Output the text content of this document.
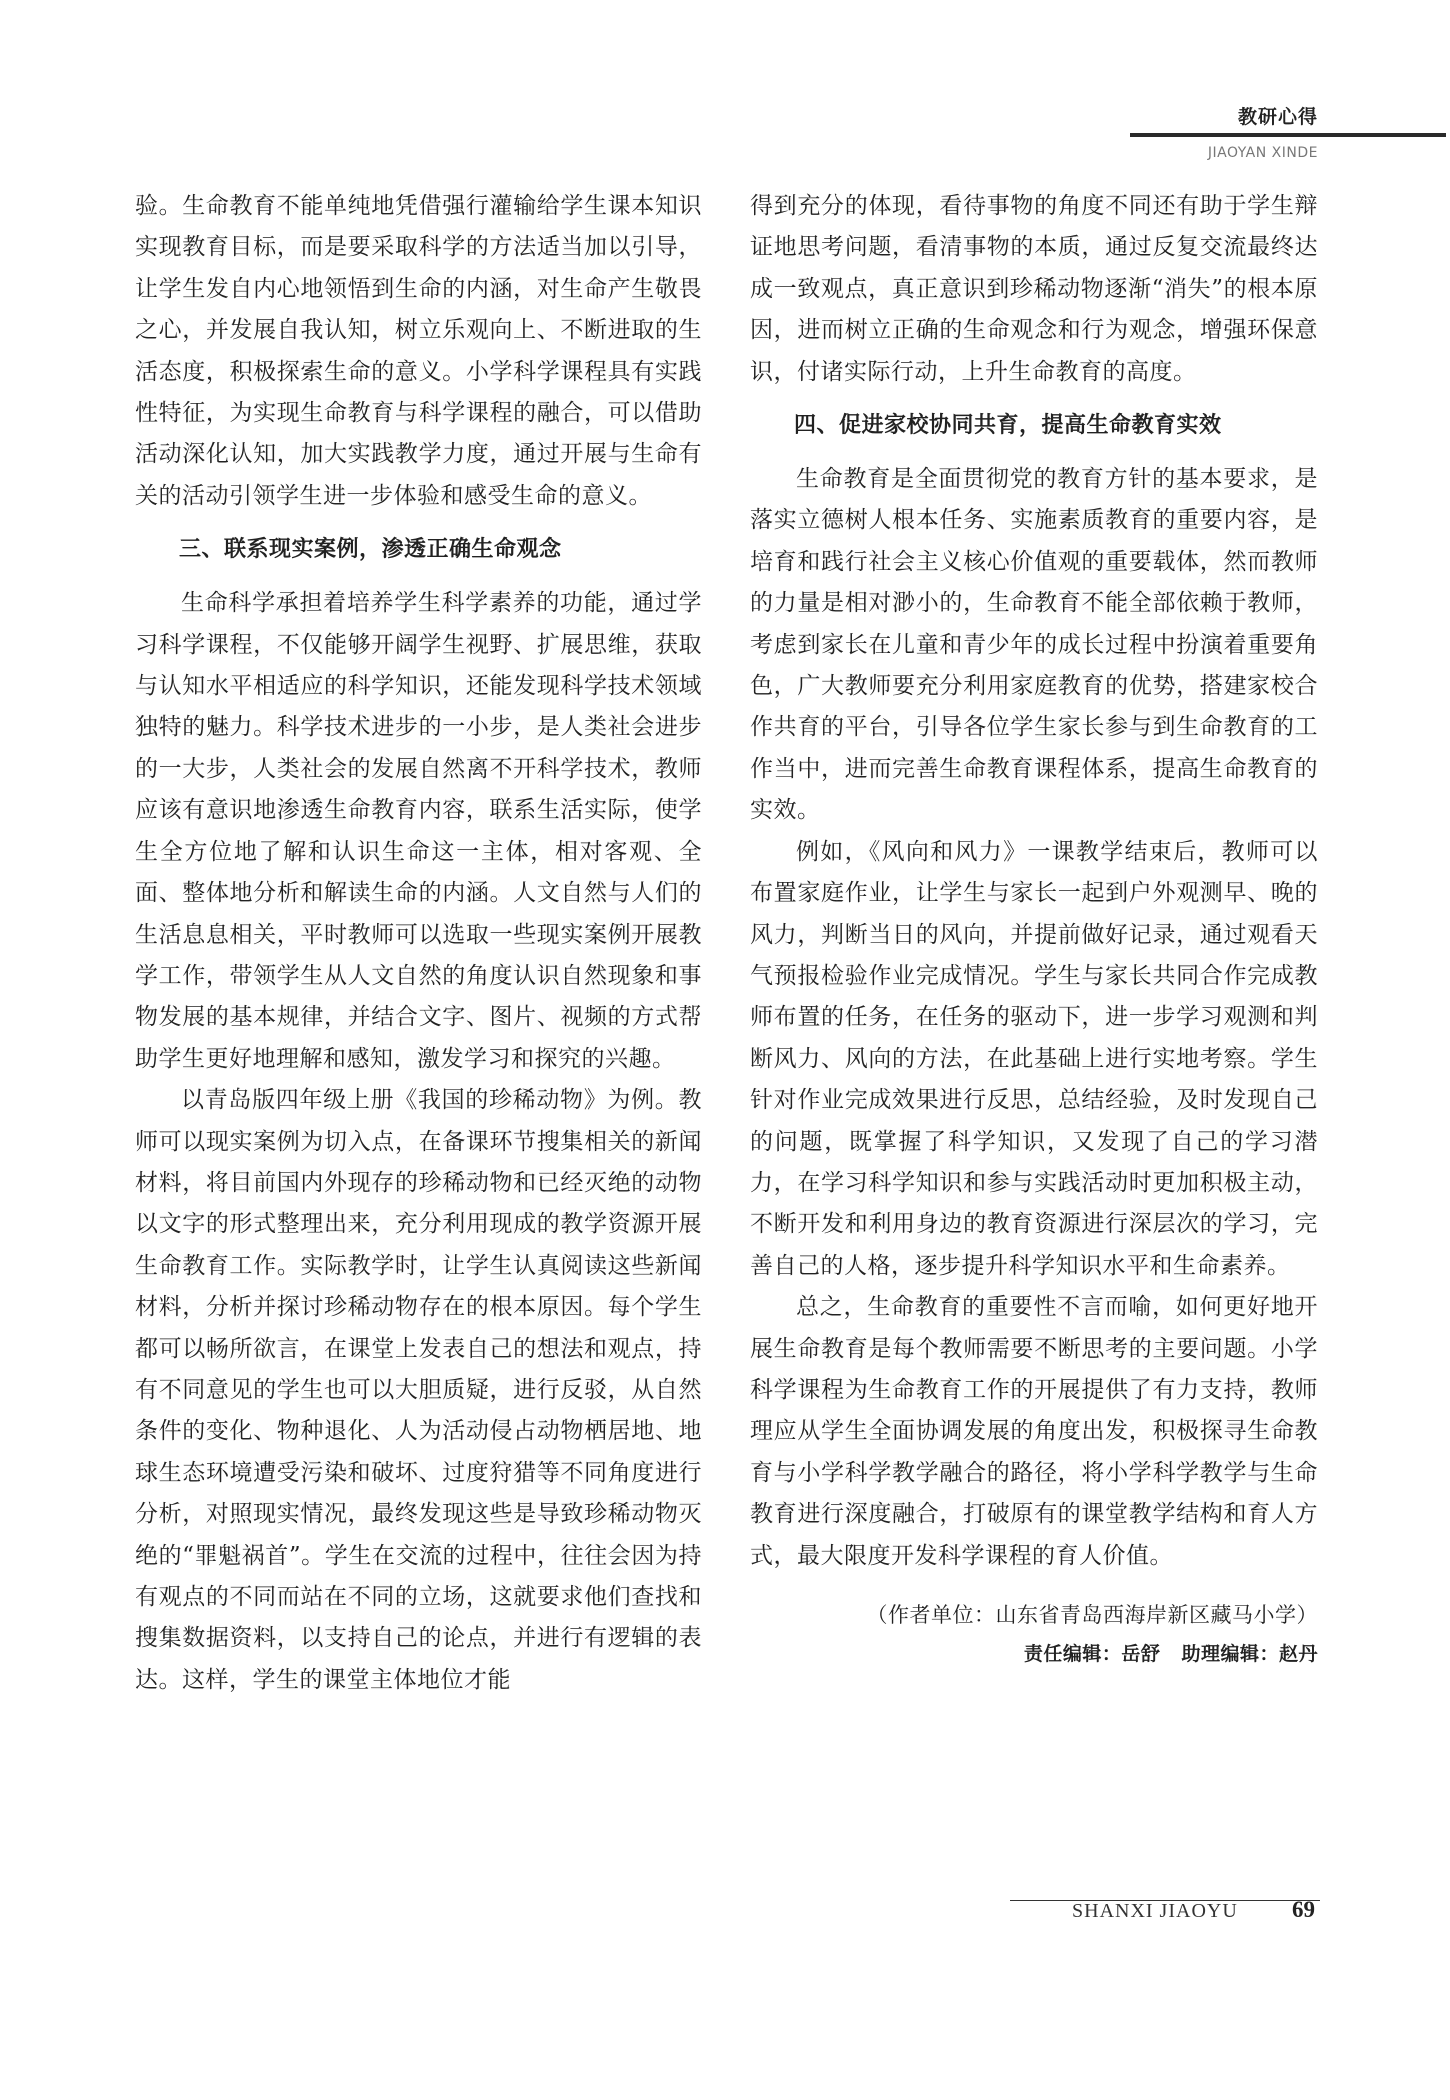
教研心得
JIAOYAN XINDE

验。生命教育不能单纯地凭借强行灌输给学生课本知识实现教育目标，而是要采取科学的方法适当加以引导，让学生发自内心地领悟到生命的内涵，对生命产生敬畏之心，并发展自我认知，树立乐观向上、不断进取的生活态度，积极探索生命的意义。小学科学课程具有实践性特征，为实现生命教育与科学课程的融合，可以借助活动深化认知，加大实践教学力度，通过开展与生命有关的活动引领学生进一步体验和感受生命的意义。

三、联系现实案例，渗透正确生命观念

生命科学承担着培养学生科学素养的功能，通过学习科学课程，不仅能够开阔学生视野、扩展思维，获取与认知水平相适应的科学知识，还能发现科学技术领域独特的魅力。科学技术进步的一小步，是人类社会进步的一大步，人类社会的发展自然离不开科学技术，教师应该有意识地渗透生命教育内容，联系生活实际，使学生全方位地了解和认识生命这一主体，相对客观、全面、整体地分析和解读生命的内涵。人文自然与人们的生活息息相关，平时教师可以选取一些现实案例开展教学工作，带领学生从人文自然的角度认识自然现象和事物发展的基本规律，并结合文字、图片、视频的方式帮助学生更好地理解和感知，激发学习和探究的兴趣。

以青岛版四年级上册《我国的珍稀动物》为例。教师可以现实案例为切入点，在备课环节搜集相关的新闻材料，将目前国内外现存的珍稀动物和已经灭绝的动物以文字的形式整理出来，充分利用现成的教学资源开展生命教育工作。实际教学时，让学生认真阅读这些新闻材料，分析并探讨珍稀动物存在的根本原因。每个学生都可以畅所欲言，在课堂上发表自己的想法和观点，持有不同意见的学生也可以大胆质疑，进行反驳，从自然条件的变化、物种退化、人为活动侵占动物栖居地、地球生态环境遭受污染和破坏、过度狩猎等不同角度进行分析，对照现实情况，最终发现这些是导致珍稀动物灭绝的“罪魁祸首”。学生在交流的过程中，往往会因为持有观点的不同而站在不同的立场，这就要求他们查找和搜集数据资料，以支持自己的论点，并进行有逻辑的表达。这样，学生的课堂主体地位才能

得到充分的体现，看待事物的角度不同还有助于学生辩证地思考问题，看清事物的本质，通过反复交流最终达成一致观点，真正意识到珍稀动物逐渐“消失”的根本原因，进而树立正确的生命观念和行为观念，增强环保意识，付诸实际行动，上升生命教育的高度。

四、促进家校协同共育，提高生命教育实效

生命教育是全面贯彻党的教育方针的基本要求，是落实立德树人根本任务、实施素质教育的重要内容，是培育和践行社会主义核心价值观的重要载体，然而教师的力量是相对渺小的，生命教育不能全部依赖于教师，考虑到家长在儿童和青少年的成长过程中扮演着重要角色，广大教师要充分利用家庭教育的优势，搭建家校合作共育的平台，引导各位学生家长参与到生命教育的工作当中，进而完善生命教育课程体系，提高生命教育的实效。

例如，《风向和风力》一课教学结束后，教师可以布置家庭作业，让学生与家长一起到户外观测早、晚的风力，判断当日的风向，并提前做好记录，通过观看天气预报检验作业完成情况。学生与家长共同合作完成教师布置的任务，在任务的驱动下，进一步学习观测和判断风力、风向的方法，在此基础上进行实地考察。学生针对作业完成效果进行反思，总结经验，及时发现自己的问题，既掌握了科学知识，又发现了自己的学习潜力，在学习科学知识和参与实践活动时更加积极主动，不断开发和利用身边的教育资源进行深层次的学习，完善自己的人格，逐步提升科学知识水平和生命素养。

总之，生命教育的重要性不言而喻，如何更好地开展生命教育是每个教师需要不断思考的主要问题。小学科学课程为生命教育工作的开展提供了有力支持，教师理应从学生全面协调发展的角度出发，积极探寻生命教育与小学科学教学融合的路径，将小学科学教学与生命教育进行深度融合，打破原有的课堂教学结构和育人方式，最大限度开发科学课程的育人价值。

（作者单位：山东省青岛西海岸新区藏马小学）
责任编辑：岳舒 助理编辑：赵丹
SHANXI JIAOYU 69
